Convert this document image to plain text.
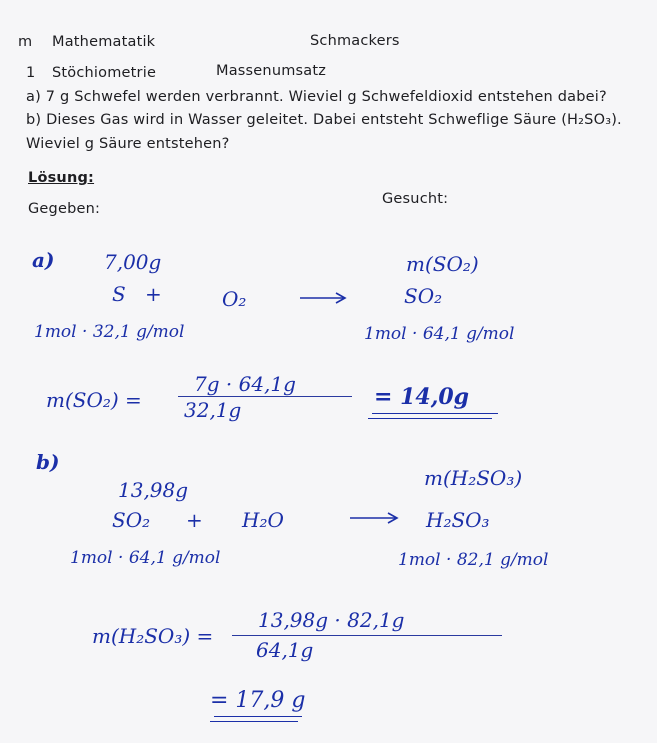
m Mathematatik	Schmackers
1 Stöchiometrie	Massenumsatz
a) 7 g Schwefel werden verbrannt. Wieviel g Schwefeldioxid entstehen dabei?
b) Dieses Gas wird in Wasser geleitet. Dabei entsteht Schweflige Säure (H₂SO₃).
Wieviel g Säure entstehen?
Lösung:
Gegeben:
Gesucht:
a) 7,00g
S +	O₂
m(SO₂)
SO₂
1mol · 32,1 g/mol	1mol · 64,1 g/mol
m(SO₂) =
7g · 64,1g
32,1g	= 14,0g
b)
13,98g
SO₂ + H₂O
m(H₂SO₃)
H₂SO₃
1mol · 64,1 g/mol	1mol · 82,1 g/mol
m(H₂SO₃) =
13,98g · 82,1g
64,1g
= 17,9 g
